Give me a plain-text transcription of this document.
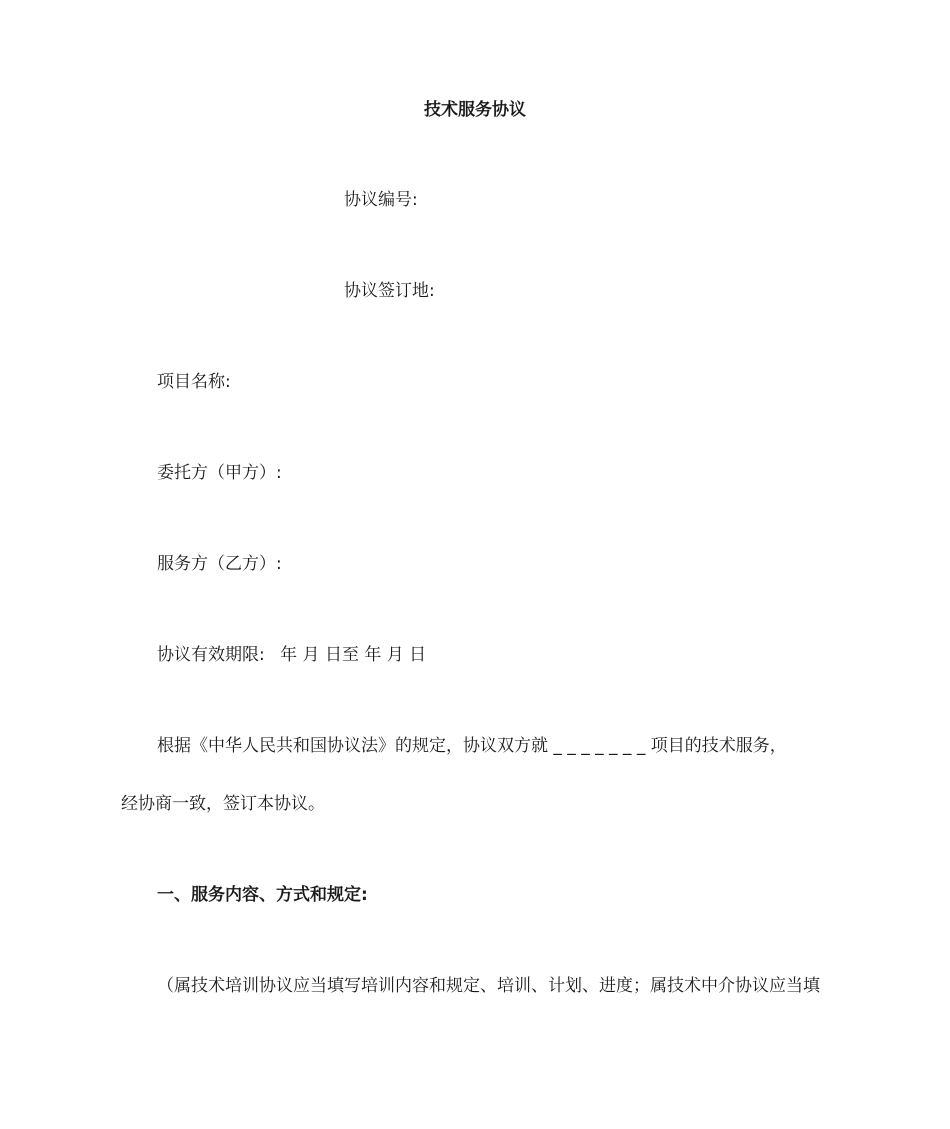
技术服务协议
协议编号:
协议签订地:
项目名称:
委托方（甲方）:
服务方（乙方）:
协议有效期限: 年 月 日至 年 月 日
根据《中华人民共和国协议法》的规定，协议双方就 _ _ _ _ _ _ _ 项目的技术服务，
经协商一致，签订本协议。
一、服务内容、方式和规定:
（属技术培训协议应当填写培训内容和规定、培训、计划、进度；属技术中介协议应当填
